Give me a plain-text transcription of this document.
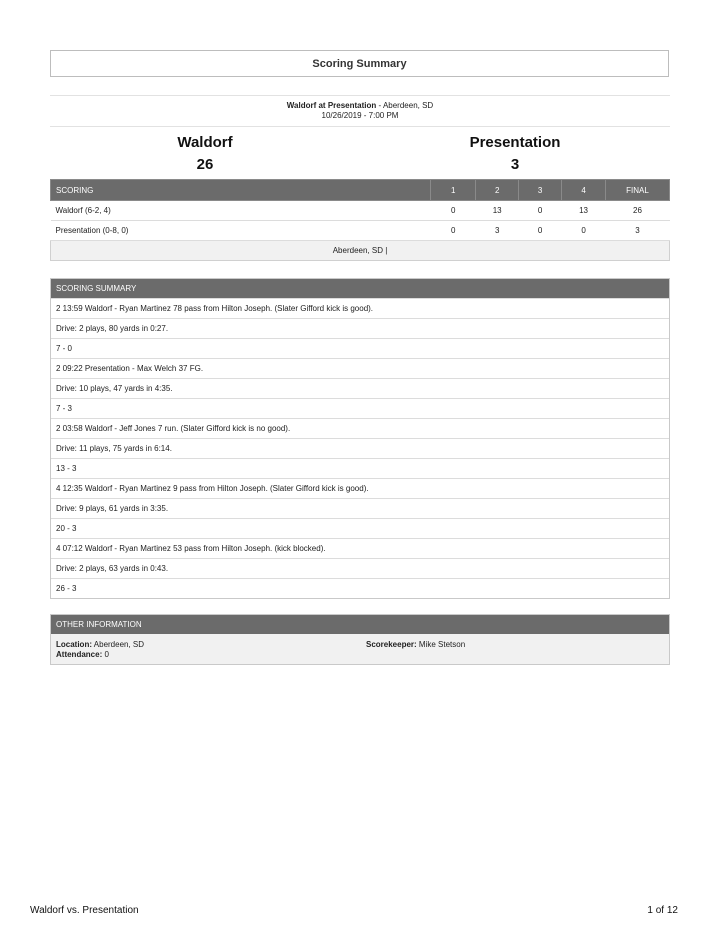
Scoring Summary
Waldorf at Presentation - Aberdeen, SD
10/26/2019 - 7:00 PM
Waldorf
26
Presentation
3
SCORING	1	2	3	4	FINAL
Waldorf (6-2, 4)	0	13	0	13	26
Presentation (0-8, 0)	0	3	0	0	3
Aberdeen, SD |					
SCORING SUMMARY
2 13:59 Waldorf - Ryan Martinez 78 pass from Hilton Joseph. (Slater Gifford kick is good).
Drive: 2 plays, 80 yards in 0:27.
7 - 0
2 09:22 Presentation - Max Welch 37 FG.
Drive: 10 plays, 47 yards in 4:35.
7 - 3
2 03:58 Waldorf - Jeff Jones 7 run. (Slater Gifford kick is no good).
Drive: 11 plays, 75 yards in 6:14.
13 - 3
4 12:35 Waldorf - Ryan Martinez 9 pass from Hilton Joseph. (Slater Gifford kick is good).
Drive: 9 plays, 61 yards in 3:35.
20 - 3
4 07:12 Waldorf - Ryan Martinez 53 pass from Hilton Joseph. (kick blocked).
Drive: 2 plays, 63 yards in 0:43.
26 - 3
OTHER INFORMATION
Location: Aberdeen, SD	Scorekeeper: Mike Stetson
Attendance: 0
Waldorf vs. Presentation	1 of 12
